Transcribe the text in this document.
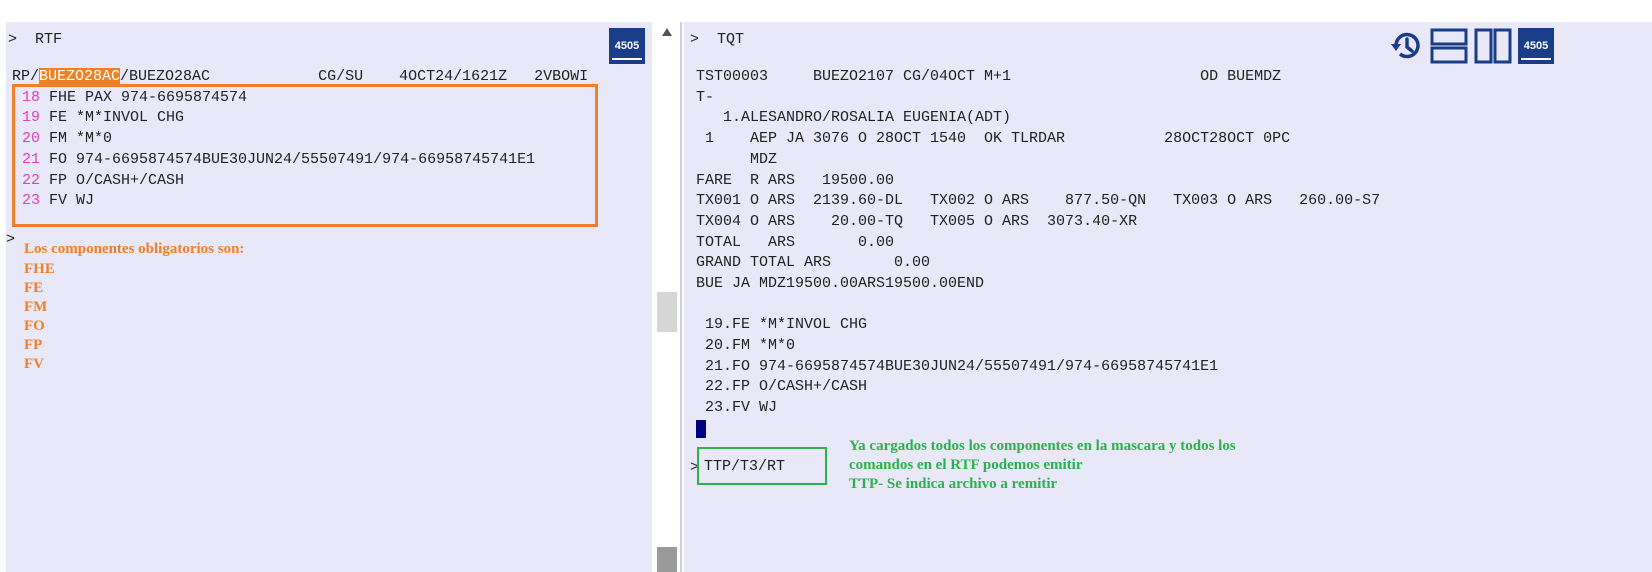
>  RTF	4505
RP/BUEZO28AC/BUEZO28AC            CG/SU    4OCT24/1621Z   2VBOWI
18 FHE PAX 974-6695874574
19 FE *M*INVOL CHG
20 FM *M*0
21 FO 974-6695874574BUE30JUN24/55507491/974-66958745741E1
22 FP O/CASH+/CASH
23 FV WJ
>
Los componentes obligatorios son:
FHE
FE
FM
FO
FP
FV
>  TQT	4505
TST00003     BUEZO2107 CG/04OCT M+1                     OD BUEMDZ
T-
1.ALESANDRO/ROSALIA EUGENIA(ADT)
1    AEP JA 3076 O 28OCT 1540  OK TLRDAR           28OCT28OCT 0PC
MDZ
FARE  R ARS   19500.00
TX001 O ARS  2139.60-DL   TX002 O ARS    877.50-QN   TX003 O ARS   260.00-S7
TX004 O ARS    20.00-TQ   TX005 O ARS  3073.40-XR
TOTAL   ARS       0.00
GRAND TOTAL ARS       0.00
BUE JA MDZ19500.00ARS19500.00END
19.FE *M*INVOL CHG
20.FM *M*0
21.FO 974-6695874574BUE30JUN24/55507491/974-66958745741E1
22.FP O/CASH+/CASH
23.FV WJ
> TTP/T3/RT
Ya cargados todos los componentes en la mascara y todos los
comandos en el RTF podemos emitir
TTP- Se indica archivo a remitir
